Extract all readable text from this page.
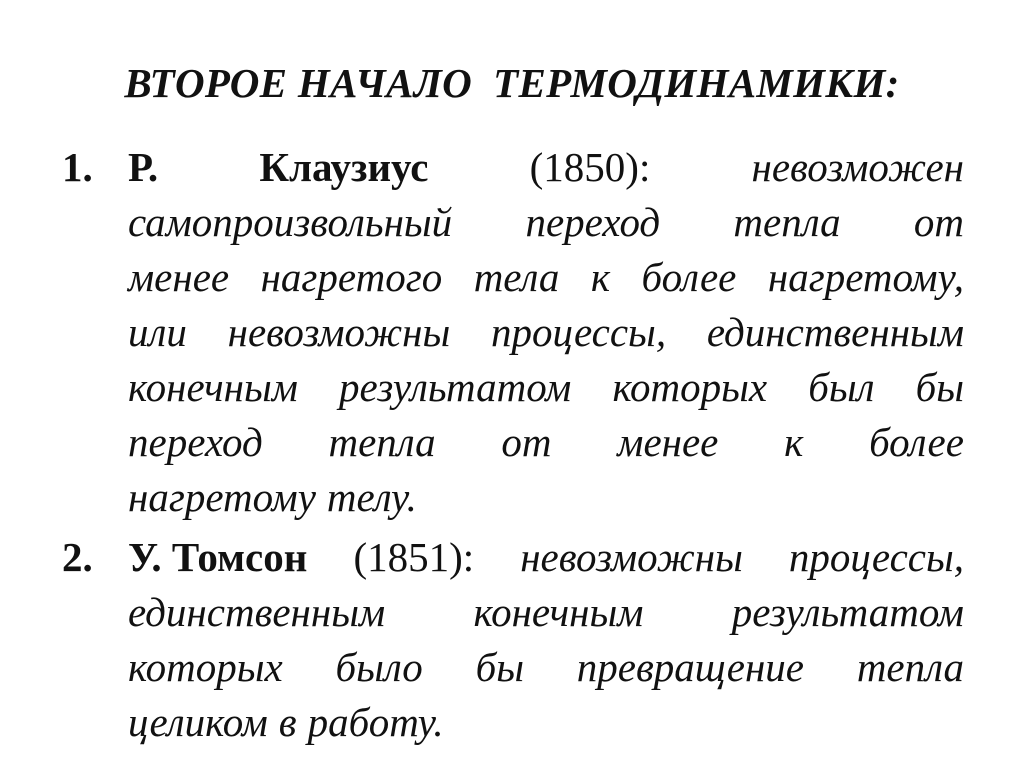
ВТОРОЕ НАЧАЛО  ТЕРМОДИНАМИКИ:
1. Р. Клаузиус (1850): невозможен
самопроизвольный переход тепла от
менее нагретого тела к более нагретому,
или невозможны процессы, единственным
конечным результатом которых был бы
переход тепла от менее к более
нагретому телу.
2. У. Томсон (1851): невозможны процессы,
единственным конечным результатом
которых было бы превращение тепла
целиком в работу.
